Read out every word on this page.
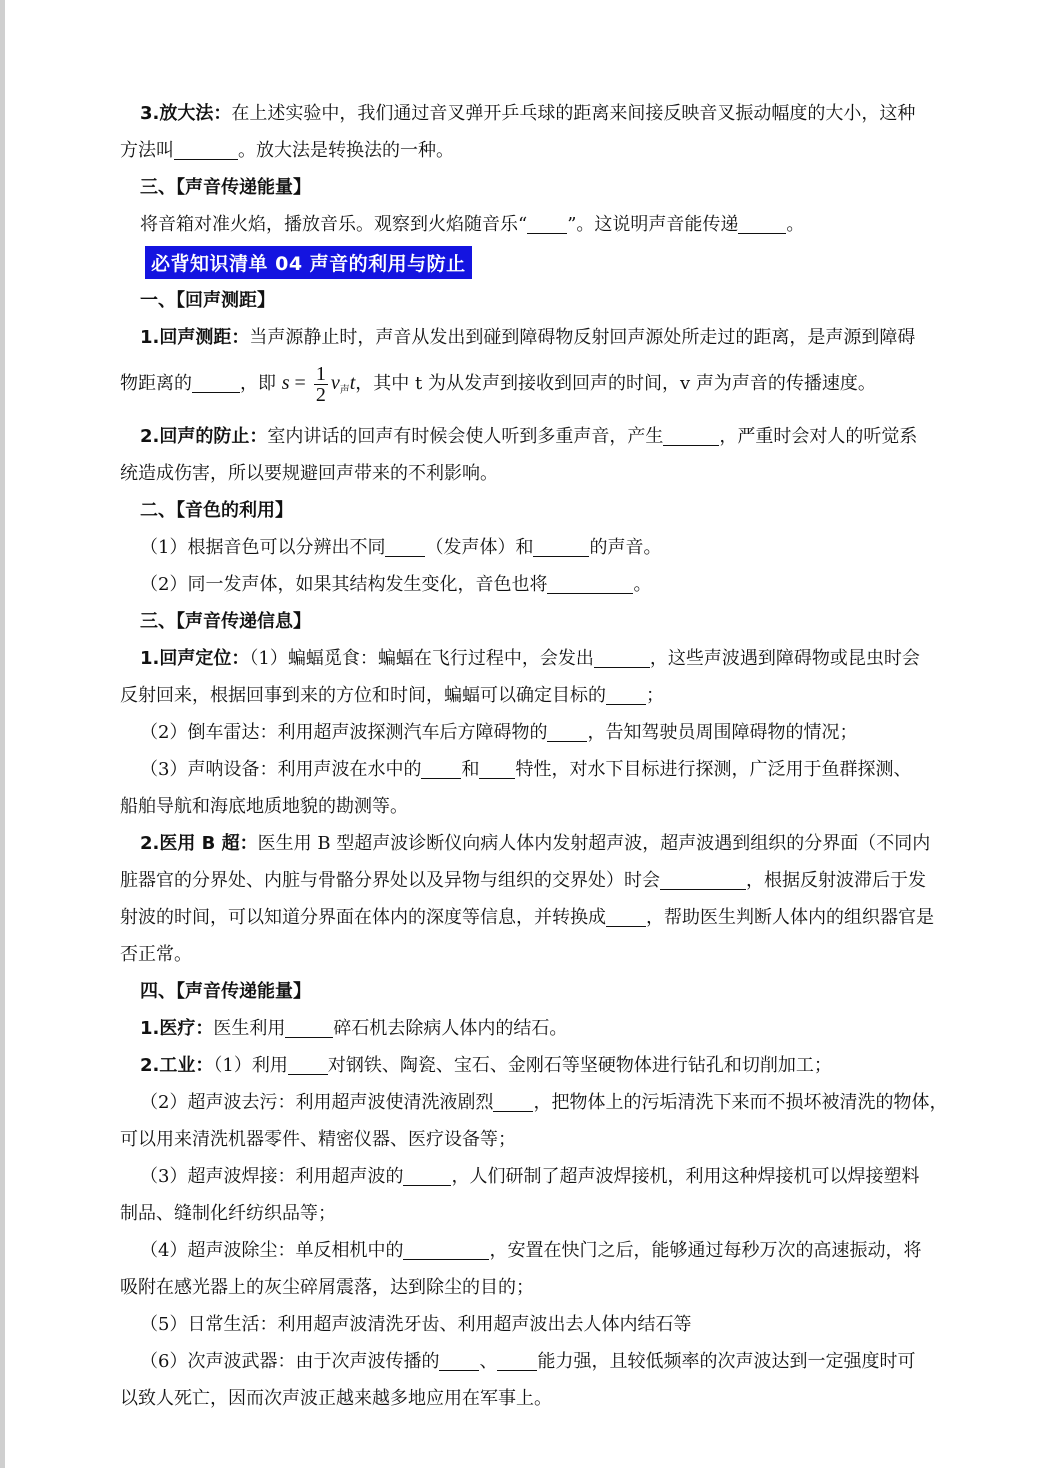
3.放大法：在上述实验中，我们通过音叉弹开乒乓球的距离来间接反映音叉振动幅度的大小，这种

方法叫	。放大法是转换法的一种。

三、【声音传递能量】

将音箱对准火焰，播放音乐。观察到火焰随音乐“ ”。这说明声音能传递	。

必背知识清单 04 声音的利用与防止

一、【回声测距】

1.回声测距：当声源静止时，声音从发出到碰到障碍物反射回声源处所走过的距离，是声源到障碍

物距离的	，即 $s = \frac{1}{2} v_声t$，其中 t 为从发声到接收到回声的时间，v 声为声音的传播速度。

2.回声的防止：室内讲话的回声有时候会使人听到多重声音，产生	，严重时会对人的听觉系

统造成伤害，所以要规避回声带来的不利影响。

二、【音色的利用】

（1）根据音色可以分辨出不同 （发声体）和	的声音。

（2）同一发声体，如果其结构发生变化，音色也将	。

三、【声音传递信息】

1.回声定位：（1）蝙蝠觅食：蝙蝠在飞行过程中，会发出	，这些声波遇到障碍物或昆虫时会

反射回来，根据回事到来的方位和时间，蝙蝠可以确定目标的 ；

（2）倒车雷达：利用超声波探测汽车后方障碍物的 ，告知驾驶员周围障碍物的情况；

（3）声呐设备：利用声波在水中的 和 特性，对水下目标进行探测，广泛用于鱼群探测、

船舶导航和海底地质地貌的勘测等。

2.医用 B 超：医生用 B 型超声波诊断仪向病人体内发射超声波，超声波遇到组织的分界面（不同内

脏器官的分界处、内脏与骨骼分界处以及异物与组织的交界处）时会	，根据反射波滞后于发

射波的时间，可以知道分界面在体内的深度等信息，并转换成 ，帮助医生判断人体内的组织器官是

否正常。

四、【声音传递能量】

1.医疗：医生利用	碎石机去除病人体内的结石。

2.工业：（1）利用 对钢铁、陶瓷、宝石、金刚石等坚硬物体进行钻孔和切削加工；

（2）超声波去污：利用超声波使清洗液剧烈 ，把物体上的污垢清洗下来而不损坏被清洗的物体，

可以用来清洗机器零件、精密仪器、医疗设备等；

（3）超声波焊接：利用超声波的	，人们研制了超声波焊接机，利用这种焊接机可以焊接塑料

制品、缝制化纤纺织品等；

（4）超声波除尘：单反相机中的	，安置在快门之后，能够通过每秒万次的高速振动，将

吸附在感光器上的灰尘碎屑震落，达到除尘的目的；

（5）日常生活：利用超声波清洗牙齿、利用超声波出去人体内结石等

（6）次声波武器：由于次声波传播的 、 能力强，且较低频率的次声波达到一定强度时可

以致人死亡，因而次声波正越来越多地应用在军事上。
